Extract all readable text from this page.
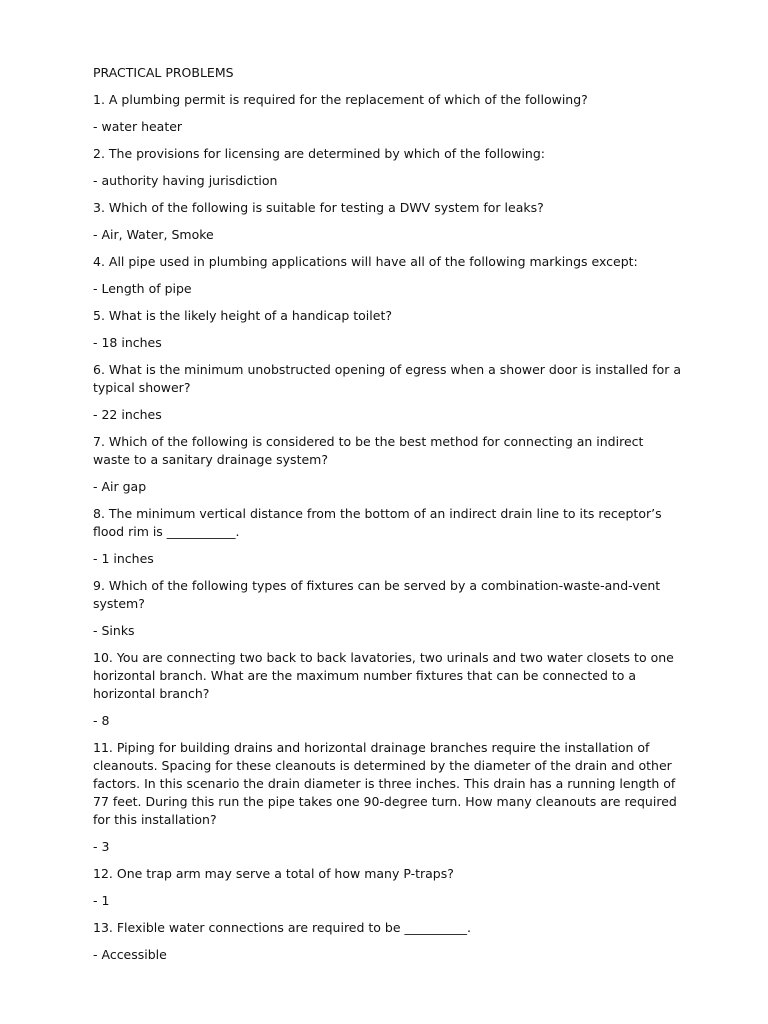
PRACTICAL PROBLEMS

1. A plumbing permit is required for the replacement of which of the following?

- water heater

2. The provisions for licensing are determined by which of the following:

- authority having jurisdiction

3. Which of the following is suitable for testing a DWV system for leaks?

- Air, Water, Smoke

4. All pipe used in plumbing applications will have all of the following markings except:

- Length of pipe

5. What is the likely height of a handicap toilet?

- 18 inches

6. What is the minimum unobstructed opening of egress when a shower door is installed for a typical shower?

- 22 inches

7. Which of the following is considered to be the best method for connecting an indirect waste to a sanitary drainage system?

- Air gap

8. The minimum vertical distance from the bottom of an indirect drain line to its receptor’s flood rim is ___________.

- 1 inches

9. Which of the following types of fixtures can be served by a combination-waste-and-vent system?

- Sinks

10. You are connecting two back to back lavatories, two urinals and two water closets to one horizontal branch. What are the maximum number fixtures that can be connected to a horizontal branch?

- 8

11. Piping for building drains and horizontal drainage branches require the installation of cleanouts. Spacing for these cleanouts is determined by the diameter of the drain and other factors. In this scenario the drain diameter is three inches. This drain has a running length of 77 feet. During this run the pipe takes one 90-degree turn. How many cleanouts are required for this installation?

- 3

12. One trap arm may serve a total of how many P-traps?

- 1

13. Flexible water connections are required to be __________.

- Accessible
